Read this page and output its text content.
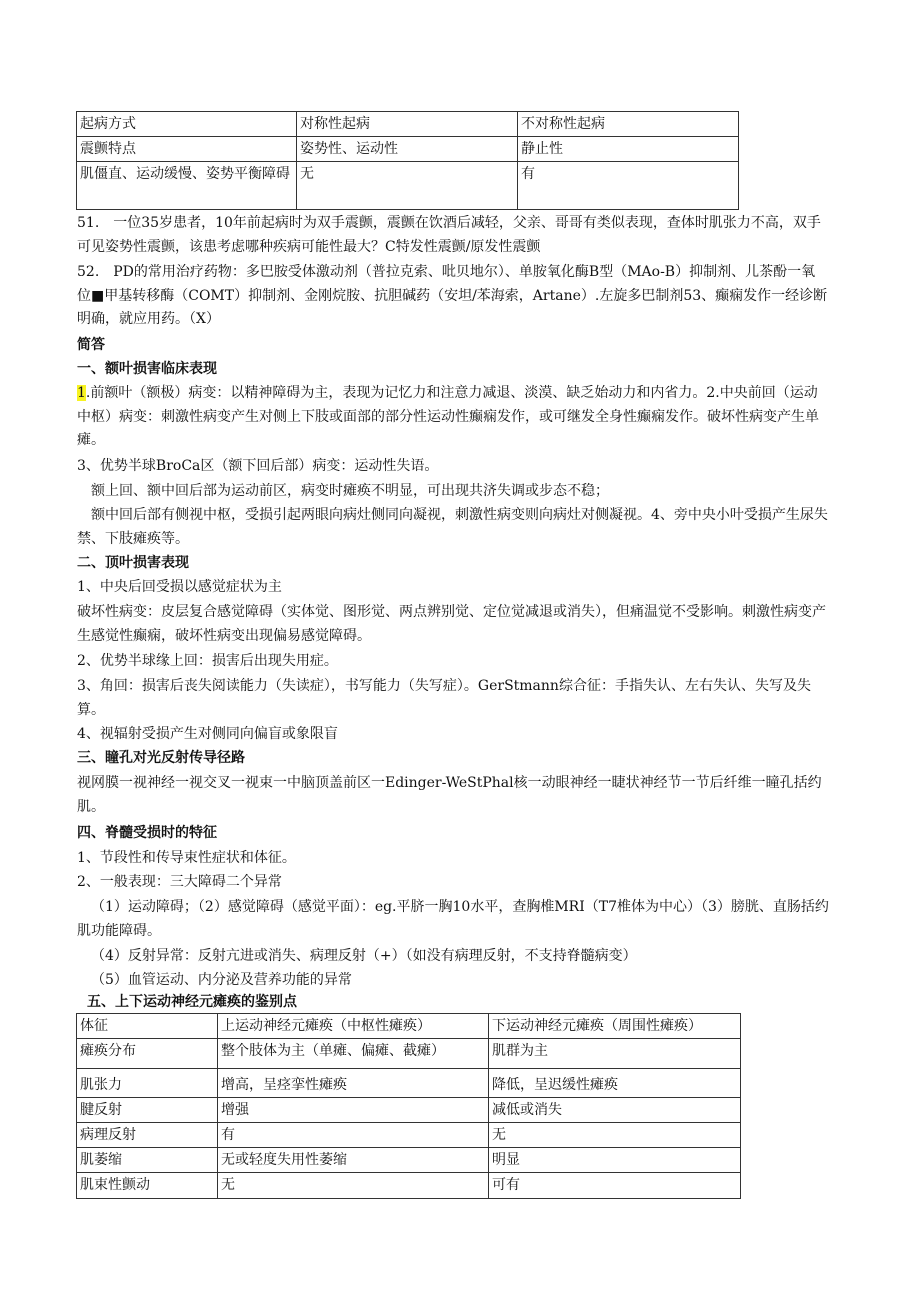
起病方式	对称性起病	不对称性起病
震颤特点	姿势性、运动性	静止性
肌僵直、运动缓慢、姿势平衡障碍	无	有
51.　一位35岁患者，10年前起病时为双手震颤，震颤在饮酒后减轻，父亲、哥哥有类似表现，查体时肌张力不高，双手可见姿势性震颤，该患考虑哪种疾病可能性最大？C特发性震颤/原发性震颤
52.　PD的常用治疗药物：多巴胺受体激动剂（普拉克索、吡贝地尔）、单胺氧化酶B型（MAo-B）抑制剂、儿茶酚一氧位■甲基转移酶（COMT）抑制剂、金刚烷胺、抗胆碱药（安坦/苯海索，Artane）.左旋多巴制剂53、癫痫发作一经诊断明确，就应用药。（X）
简答
一、额叶损害临床表现
1.前额叶（额极）病变：以精神障碍为主，表现为记忆力和注意力减退、淡漠、缺乏始动力和内省力。2.中央前回（运动中枢）病变：刺激性病变产生对侧上下肢或面部的部分性运动性癫痫发作，或可继发全身性癫痫发作。破坏性病变产生单瘫。
3、优势半球BroCa区（额下回后部）病变：运动性失语。
额上回、额中回后部为运动前区，病变时瘫痪不明显，可出现共济失调或步态不稳；
额中回后部有侧视中枢，受损引起两眼向病灶侧同向凝视，刺激性病变则向病灶对侧凝视。4、旁中央小叶受损产生尿失禁、下肢瘫痪等。
二、顶叶损害表现
1、中央后回受损以感觉症状为主
破坏性病变：皮层复合感觉障碍（实体觉、图形觉、两点辨别觉、定位觉减退或消失），但痛温觉不受影响。刺激性病变产生感觉性癫痫，破坏性病变出现偏易感觉障碍。
2、优势半球缘上回：损害后出现失用症。
3、角回：损害后丧失阅读能力（失读症），书写能力（失写症）。GerStmann综合征：手指失认、左右失认、失写及失算。
4、视辐射受损产生对侧同向偏盲或象限盲
三、瞳孔对光反射传导径路
视网膜一视神经一视交叉一视束一中脑顶盖前区一Edinger-WeStPhal核一动眼神经一睫状神经节一节后纤维一瞳孔括约肌。
四、脊髓受损时的特征
1、节段性和传导束性症状和体征。
2、一般表现：三大障碍二个异常
（1）运动障碍；（2）感觉障碍（感觉平面）：eg.平脐一胸10水平，查胸椎MRI（T7椎体为中心）（3）膀胱、直肠括约肌功能障碍。
（4）反射异常：反射亢进或消失、病理反射（+）（如没有病理反射，不支持脊髓病变）
（5）血管运动、内分泌及营养功能的异常
五、上下运动神经元瘫痪的鉴别点
体征	上运动神经元瘫痪（中枢性瘫痪）	下运动神经元瘫痪（周围性瘫痪）
瘫痪分布	整个肢体为主（单瘫、偏瘫、截瘫）	肌群为主
肌张力	增高，呈痉挛性瘫痪	降低，呈迟缓性瘫痪
腱反射	增强	减低或消失
病理反射	有	无
肌萎缩	无或轻度失用性萎缩	明显
肌束性颤动	无	可有
